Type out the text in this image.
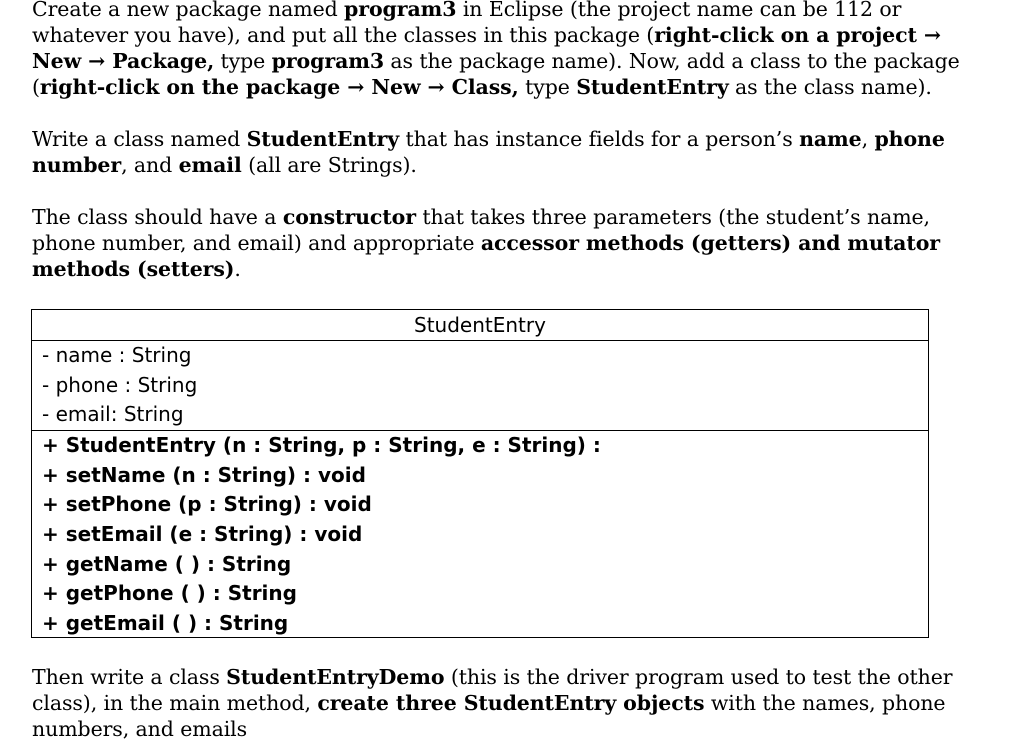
Create a new package named program3 in Eclipse (the project name can be 112 or whatever you have), and put all the classes in this package (right-click on a project → New → Package, type program3 as the package name). Now, add a class to the package (right-click on the package → New → Class, type StudentEntry as the class name).

Write a class named StudentEntry that has instance fields for a person’s name, phone number, and email (all are Strings).

The class should have a constructor that takes three parameters (the student’s name, phone number, and email) and appropriate accessor methods (getters) and mutator methods (setters).

StudentEntry
- name : String
- phone : String
- email: String
+ StudentEntry (n : String, p : String, e : String) :
+ setName (n : String) : void
+ setPhone (p : String) : void
+ setEmail (e : String) : void
+ getName ( ) : String
+ getPhone ( ) : String
+ getEmail ( ) : String

Then write a class StudentEntryDemo (this is the driver program used to test the other class), in the main method, create three StudentEntry objects with the names, phone numbers, and emails
